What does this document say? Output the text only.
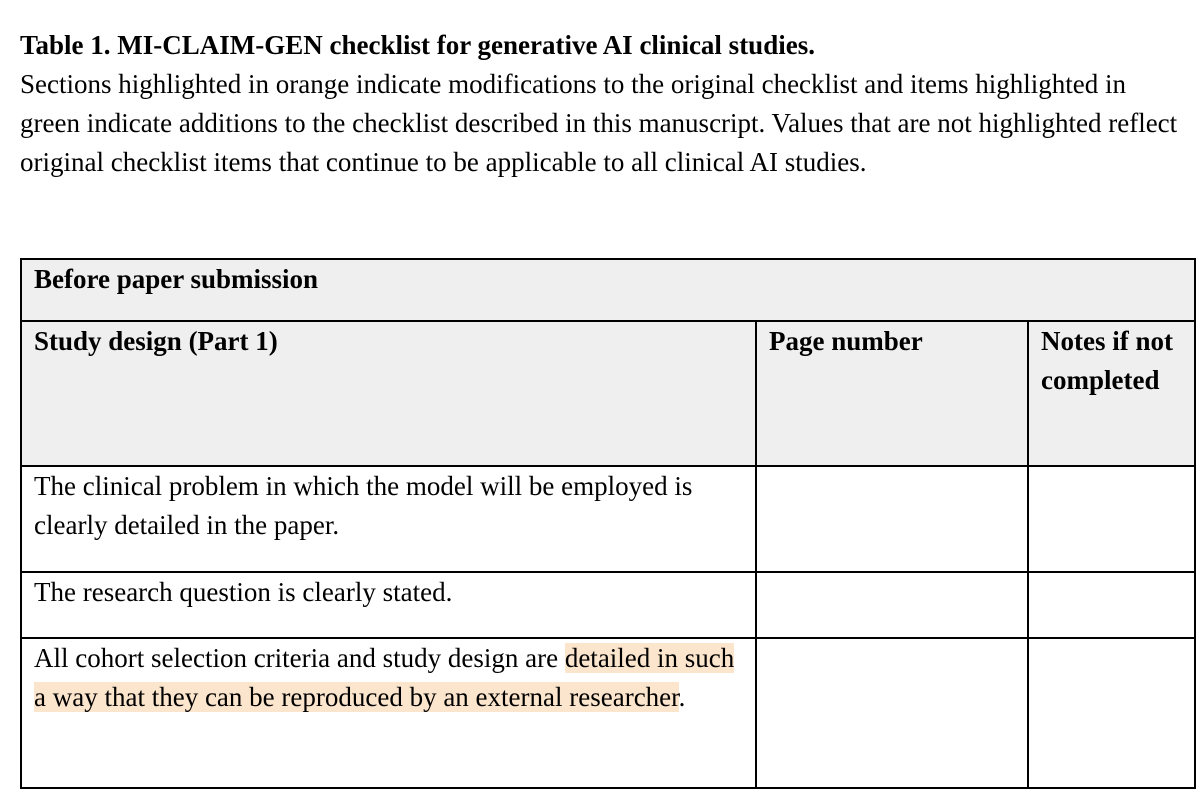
Table 1. MI-CLAIM-GEN checklist for generative AI clinical studies.
Sections highlighted in orange indicate modifications to the original checklist and items highlighted in green indicate additions to the checklist described in this manuscript. Values that are not highlighted reflect original checklist items that continue to be applicable to all clinical AI studies.
Before paper submission		
Study design (Part 1)	Page number	Notes if not completed
The clinical problem in which the model will be employed is clearly detailed in the paper.		
The research question is clearly stated.		
All cohort selection criteria and study design are detailed in such a way that they can be reproduced by an external researcher.		
